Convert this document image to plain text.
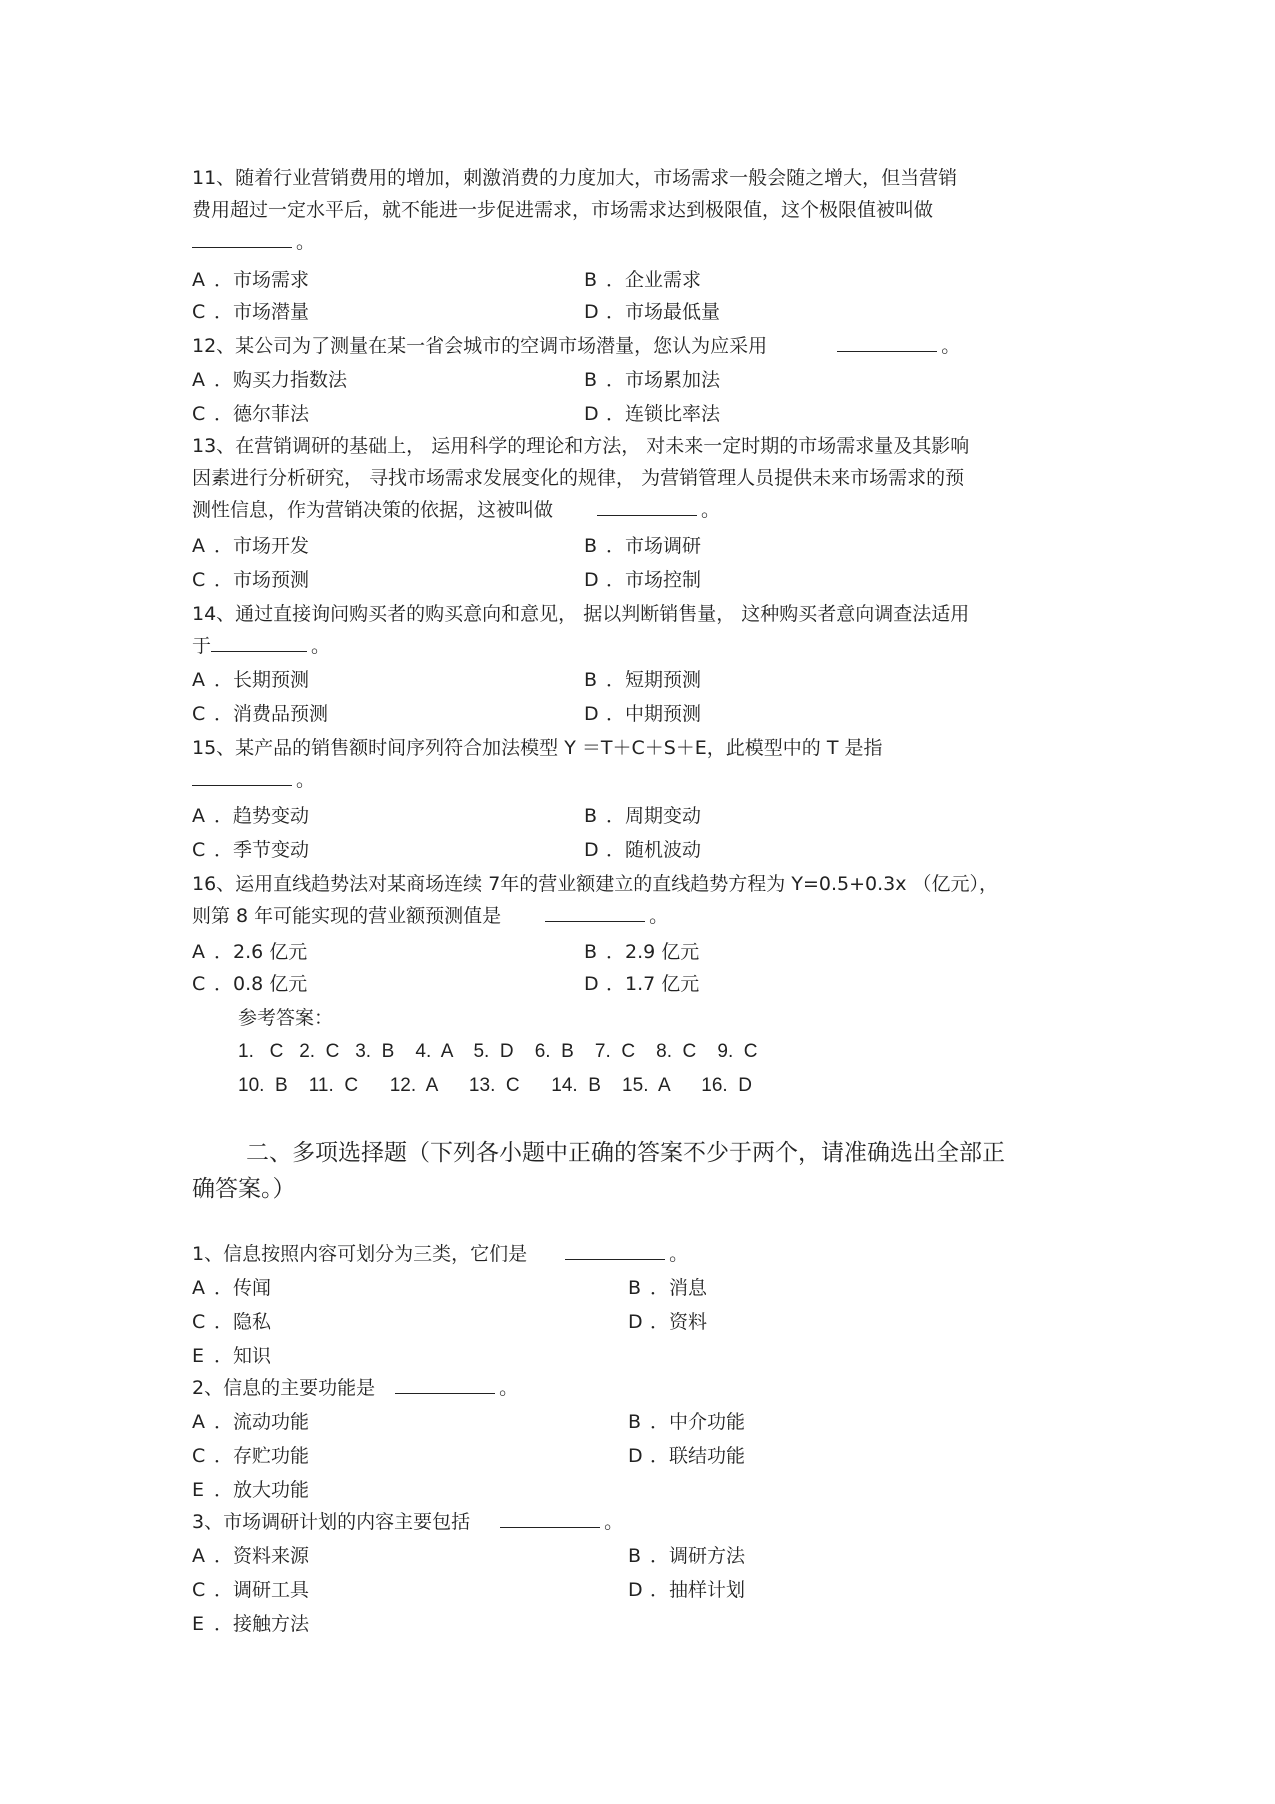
11、随着行业营销费用的增加，刺激消费的力度加大，市场需求一般会随之增大，但当营销
费用超过一定水平后，就不能进一步促进需求，市场需求达到极限值，这个极限值被叫做
。
A ．市场需求	B ．企业需求
C ．市场潜量	D ．市场最低量
12、某公司为了测量在某一省会城市的空调市场潜量，您认为应采用	。
A ．购买力指数法	B ．市场累加法
C ．德尔菲法	D ．连锁比率法
13、在营销调研的基础上， 运用科学的理论和方法， 对未来一定时期的市场需求量及其影响
因素进行分析研究， 寻找市场需求发展变化的规律， 为营销管理人员提供未来市场需求的预
测性信息，作为营销决策的依据，这被叫做	。
A ．市场开发	B ．市场调研
C ．市场预测	D ．市场控制
14、通过直接询问购买者的购买意向和意见， 据以判断销售量， 这种购买者意向调查法适用
于	。
A ．长期预测	B ．短期预测
C ．消费品预测	D ．中期预测
15、某产品的销售额时间序列符合加法模型 Y ＝T＋C＋S＋E，此模型中的 T 是指
。
A ．趋势变动	B ．周期变动
C ．季节变动	D ．随机波动
16、运用直线趋势法对某商场连续 7年的营业额建立的直线趋势方程为 Y=0.5+0.3x （亿元），
则第 8 年可能实现的营业额预测值是	。
A ．2.6 亿元	B ．2.9 亿元
C ．0.8 亿元	D ．1.7 亿元
参考答案：
1.   C   2.  C   3.  B    4.  A    5.  D    6.  B    7.  C    8.  C    9.  C
10.  B    11.  C      12.  A      13.  C      14.  B    15.  A      16.  D
二、多项选择题（下列各小题中正确的答案不少于两个，请准确选出全部正
确答案。）
1、信息按照内容可划分为三类，它们是	。
A ．传闻	B ．消息
C ．隐私	D ．资料
E ．知识
2、信息的主要功能是	。
A ．流动功能	B ．中介功能
C ．存贮功能	D ．联结功能
E ．放大功能
3、市场调研计划的内容主要包括	。
A ．资料来源	B ．调研方法
C ．调研工具	D ．抽样计划
E ．接触方法
